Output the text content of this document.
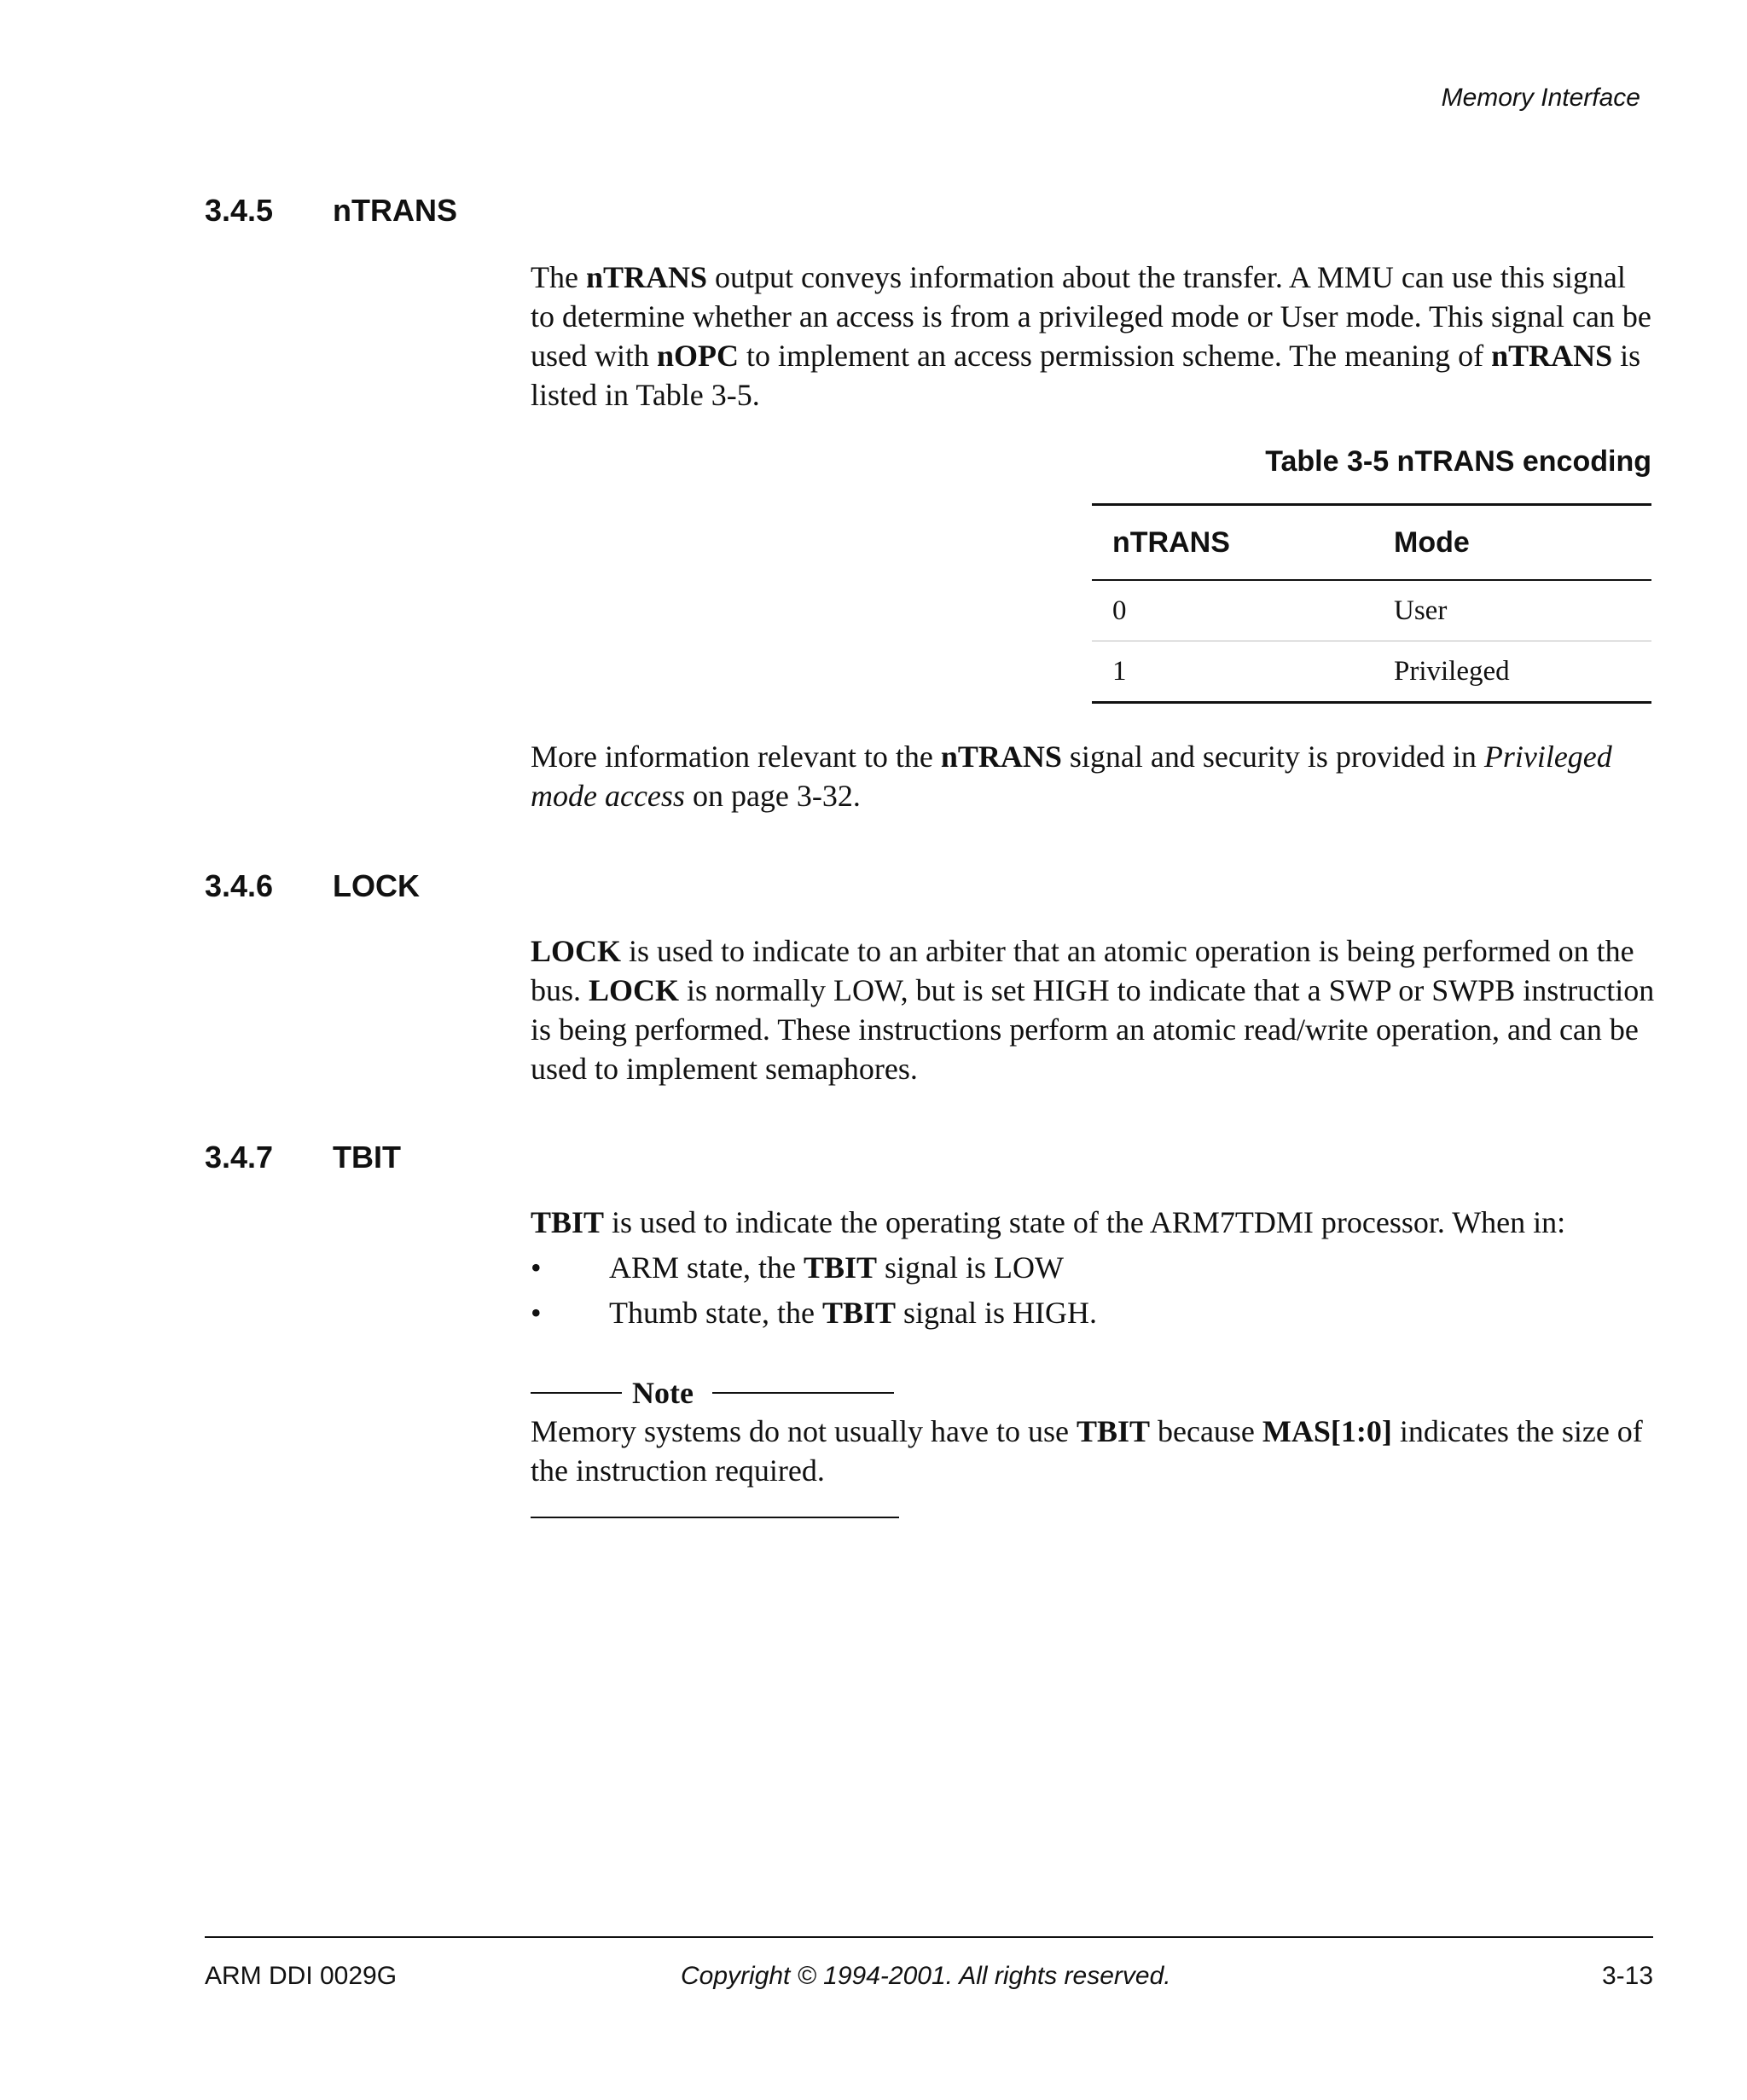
Memory Interface
3.4.5 nTRANS
The nTRANS output conveys information about the transfer. A MMU can use this signal to determine whether an access is from a privileged mode or User mode. This signal can be used with nOPC to implement an access permission scheme. The meaning of nTRANS is listed in Table 3-5.
Table 3-5 nTRANS encoding
nTRANS	Mode
0	User
1	Privileged
More information relevant to the nTRANS signal and security is provided in Privileged mode access on page 3-32.
3.4.6 LOCK
LOCK is used to indicate to an arbiter that an atomic operation is being performed on the bus. LOCK is normally LOW, but is set HIGH to indicate that a SWP or SWPB instruction is being performed. These instructions perform an atomic read/write operation, and can be used to implement semaphores.
3.4.7 TBIT
TBIT is used to indicate the operating state of the ARM7TDMI processor. When in:
• ARM state, the TBIT signal is LOW
• Thumb state, the TBIT signal is HIGH.
Note
Memory systems do not usually have to use TBIT because MAS[1:0] indicates the size of the instruction required.
ARM DDI 0029G	Copyright © 1994-2001. All rights reserved.	3-13
